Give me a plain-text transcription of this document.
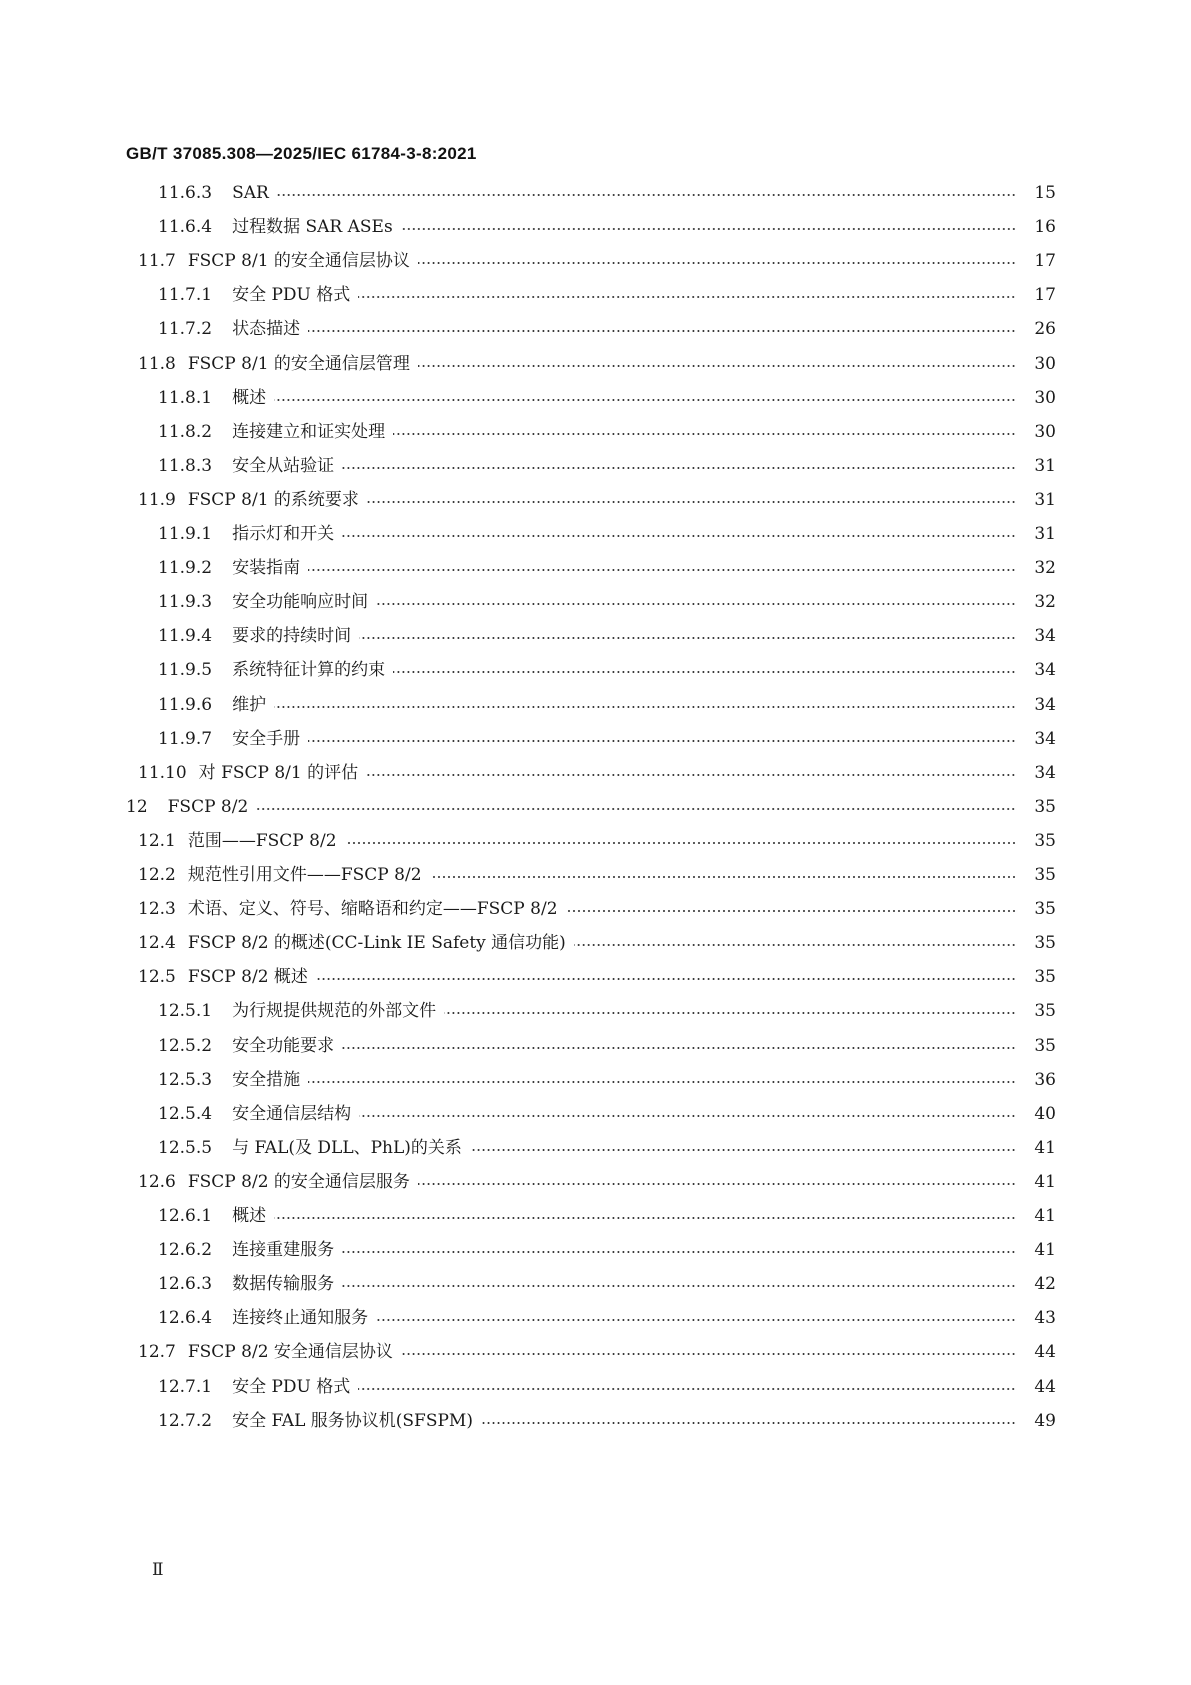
GB/T 37085.308—2025/IEC 61784-3-8:2021
11.6.3 SAR	15
11.6.4 过程数据 SAR ASEs	16
11.7 FSCP 8/1 的安全通信层协议	17
11.7.1 安全 PDU 格式	17
11.7.2 状态描述	26
11.8 FSCP 8/1 的安全通信层管理	30
11.8.1 概述	30
11.8.2 连接建立和证实处理	30
11.8.3 安全从站验证	31
11.9 FSCP 8/1 的系统要求	31
11.9.1 指示灯和开关	31
11.9.2 安装指南	32
11.9.3 安全功能响应时间	32
11.9.4 要求的持续时间	34
11.9.5 系统特征计算的约束	34
11.9.6 维护	34
11.9.7 安全手册	34
11.10 对 FSCP 8/1 的评估	34
12 FSCP 8/2	35
12.1 范围——FSCP 8/2	35
12.2 规范性引用文件——FSCP 8/2	35
12.3 术语、定义、符号、缩略语和约定——FSCP 8/2	35
12.4 FSCP 8/2 的概述(CC-Link IE Safety 通信功能)	35
12.5 FSCP 8/2 概述	35
12.5.1 为行规提供规范的外部文件	35
12.5.2 安全功能要求	35
12.5.3 安全措施	36
12.5.4 安全通信层结构	40
12.5.5 与 FAL(及 DLL、PhL)的关系	41
12.6 FSCP 8/2 的安全通信层服务	41
12.6.1 概述	41
12.6.2 连接重建服务	41
12.6.3 数据传输服务	42
12.6.4 连接终止通知服务	43
12.7 FSCP 8/2 安全通信层协议	44
12.7.1 安全 PDU 格式	44
12.7.2 安全 FAL 服务协议机(SFSPM)	49
Ⅱ
